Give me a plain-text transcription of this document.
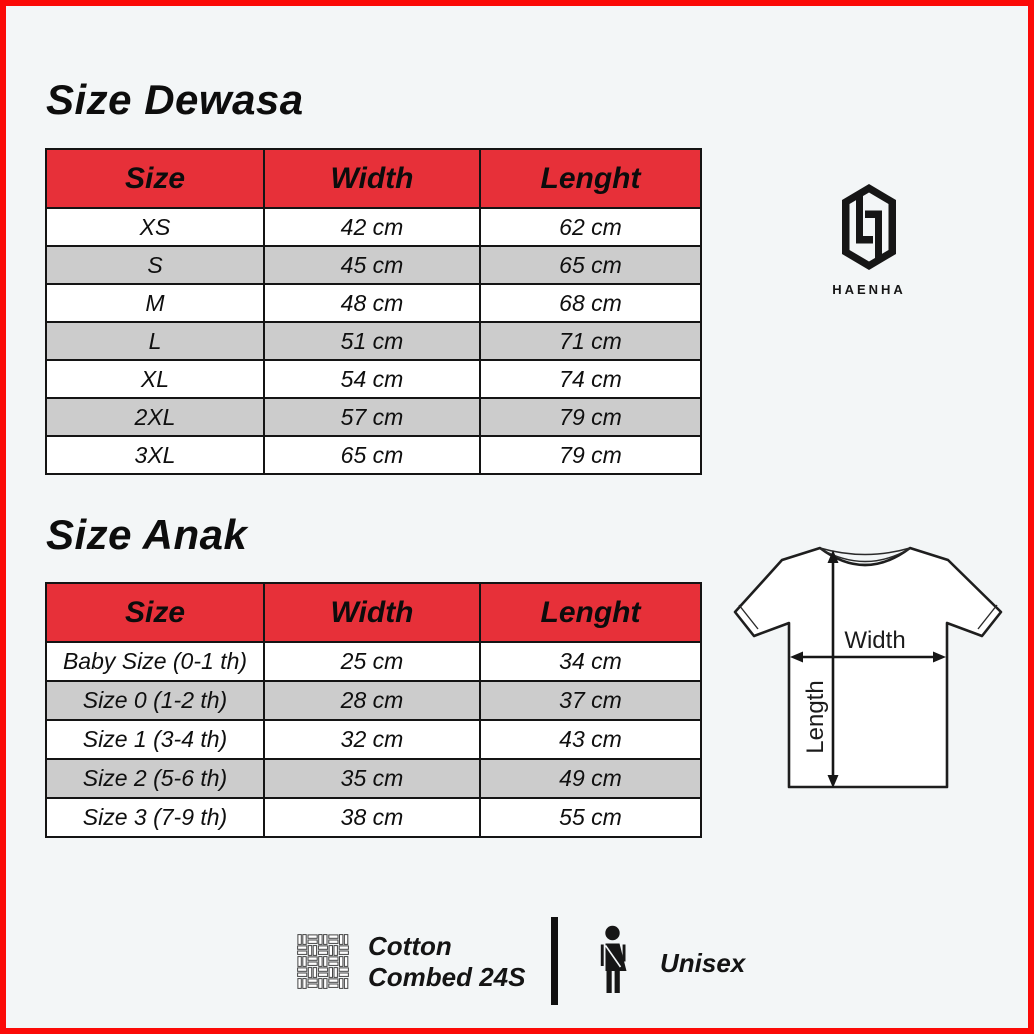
Size Dewasa
Size	Width	Lenght
XS	42 cm	62 cm
S	45 cm	65 cm
M	48 cm	68 cm
L	51 cm	71 cm
XL	54 cm	74 cm
2XL	57 cm	79 cm
3XL	65 cm	79 cm
HAENHA
Size Anak
Size	Width	Lenght
Baby Size (0-1 th)	25 cm	34 cm
Size 0 (1-2 th)	28 cm	37 cm
Size 1 (3-4 th)	32 cm	43 cm
Size 2 (5-6 th)	35 cm	49 cm
Size 3 (7-9 th)	38 cm	55 cm
Width
Length
Cotton
Combed 24S	Unisex
